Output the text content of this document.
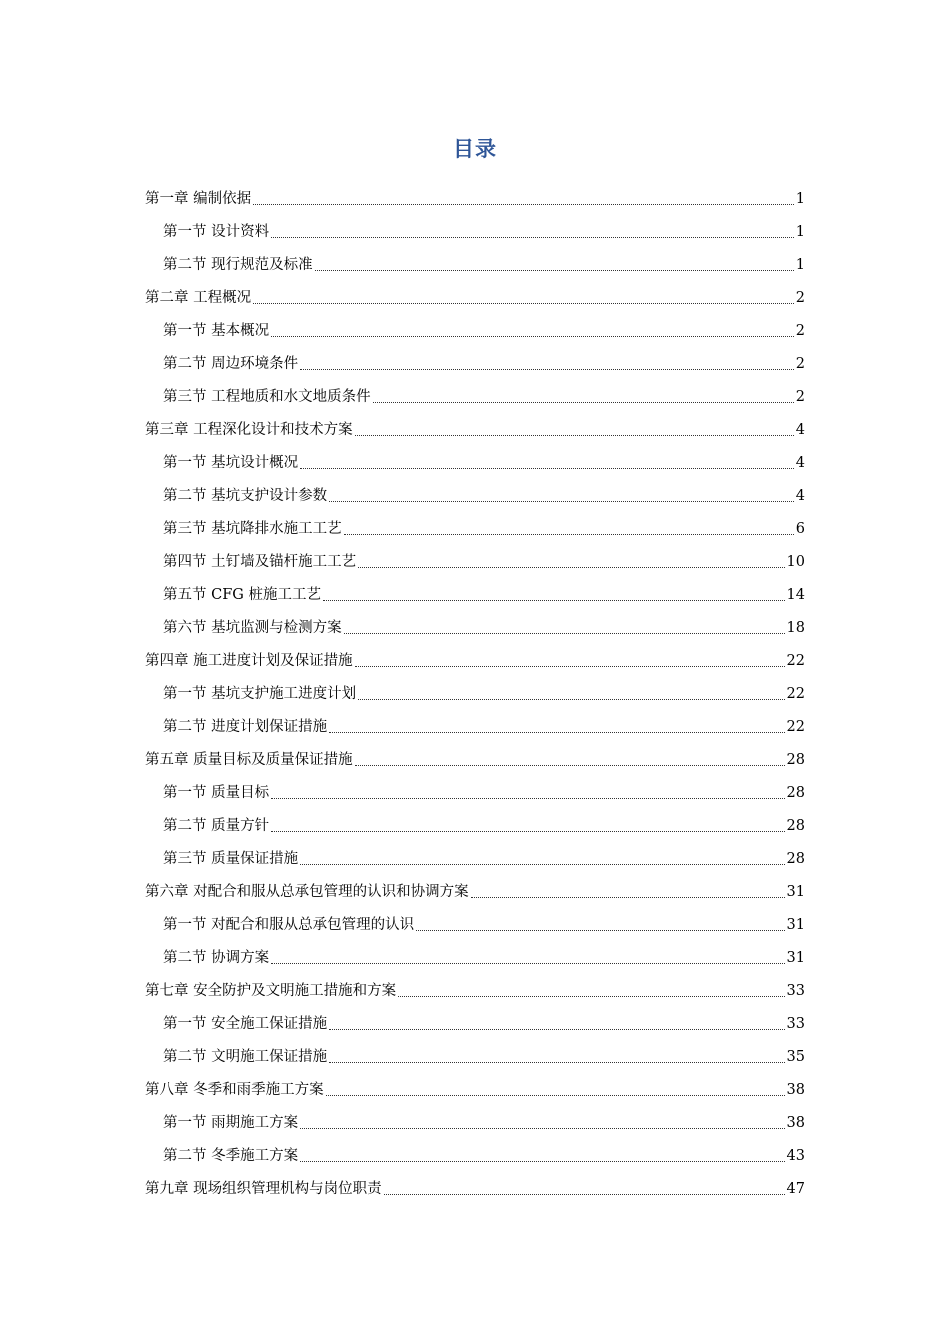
目录
第一章 编制依据	1
第一节 设计资料	1
第二节 现行规范及标准	1
第二章 工程概况	2
第一节 基本概况	2
第二节 周边环境条件	2
第三节 工程地质和水文地质条件	2
第三章 工程深化设计和技术方案	4
第一节 基坑设计概况	4
第二节 基坑支护设计参数	4
第三节 基坑降排水施工工艺	6
第四节 土钉墙及锚杆施工工艺	10
第五节 CFG 桩施工工艺	14
第六节 基坑监测与检测方案	18
第四章 施工进度计划及保证措施	22
第一节 基坑支护施工进度计划	22
第二节 进度计划保证措施	22
第五章 质量目标及质量保证措施	28
第一节 质量目标	28
第二节 质量方针	28
第三节 质量保证措施	28
第六章 对配合和服从总承包管理的认识和协调方案	31
第一节 对配合和服从总承包管理的认识	31
第二节 协调方案	31
第七章 安全防护及文明施工措施和方案	33
第一节 安全施工保证措施	33
第二节 文明施工保证措施	35
第八章 冬季和雨季施工方案	38
第一节 雨期施工方案	38
第二节 冬季施工方案	43
第九章 现场组织管理机构与岗位职责	47
